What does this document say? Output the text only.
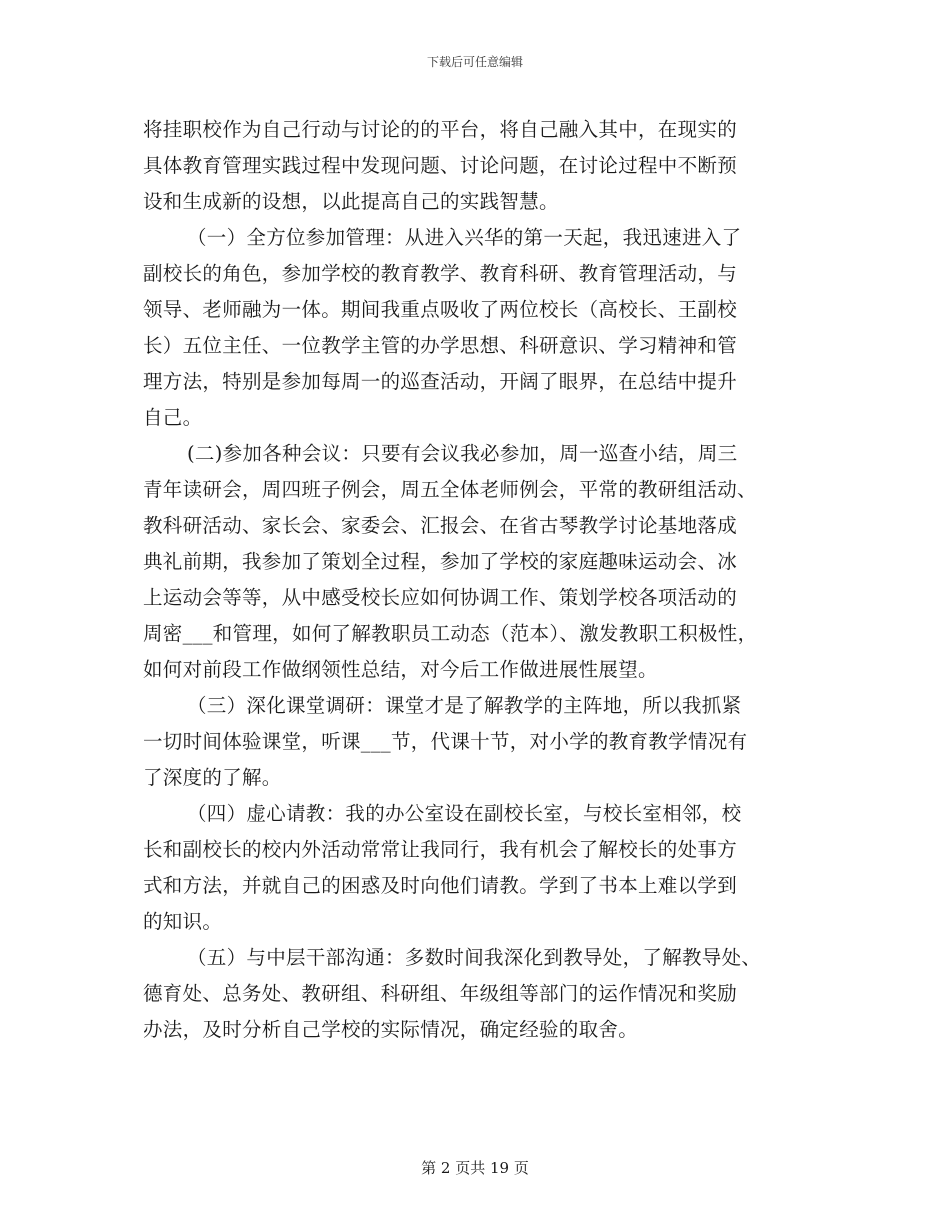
下载后可任意编辑
将挂职校作为自己行动与讨论的的平台，将自己融入其中，在现实的
具体教育管理实践过程中发现问题、讨论问题，在讨论过程中不断预
设和生成新的设想，以此提高自己的实践智慧。
（一）全方位参加管理：从进入兴华的第一天起，我迅速进入了
副校长的角色，参加学校的教育教学、教育科研、教育管理活动，与
领导、老师融为一体。期间我重点吸收了两位校长（高校长、王副校
长）五位主任、一位教学主管的办学思想、科研意识、学习精神和管
理方法，特别是参加每周一的巡查活动，开阔了眼界，在总结中提升
自己。
(二)参加各种会议：只要有会议我必参加，周一巡查小结，周三
青年读研会，周四班子例会，周五全体老师例会，平常的教研组活动、
教科研活动、家长会、家委会、汇报会、在省古琴教学讨论基地落成
典礼前期，我参加了策划全过程，参加了学校的家庭趣味运动会、冰
上运动会等等，从中感受校长应如何协调工作、策划学校各项活动的
周密___和管理，如何了解教职员工动态（范本）、激发教职工积极性，
如何对前段工作做纲领性总结，对今后工作做进展性展望。
（三）深化课堂调研：课堂才是了解教学的主阵地，所以我抓紧
一切时间体验课堂，听课___节，代课十节，对小学的教育教学情况有
了深度的了解。
（四）虚心请教：我的办公室设在副校长室，与校长室相邻，校
长和副校长的校内外活动常常让我同行，我有机会了解校长的处事方
式和方法，并就自己的困惑及时向他们请教。学到了书本上难以学到
的知识。
（五）与中层干部沟通：多数时间我深化到教导处，了解教导处、
德育处、总务处、教研组、科研组、年级组等部门的运作情况和奖励
办法，及时分析自己学校的实际情况，确定经验的取舍。
第 2 页共 19 页
